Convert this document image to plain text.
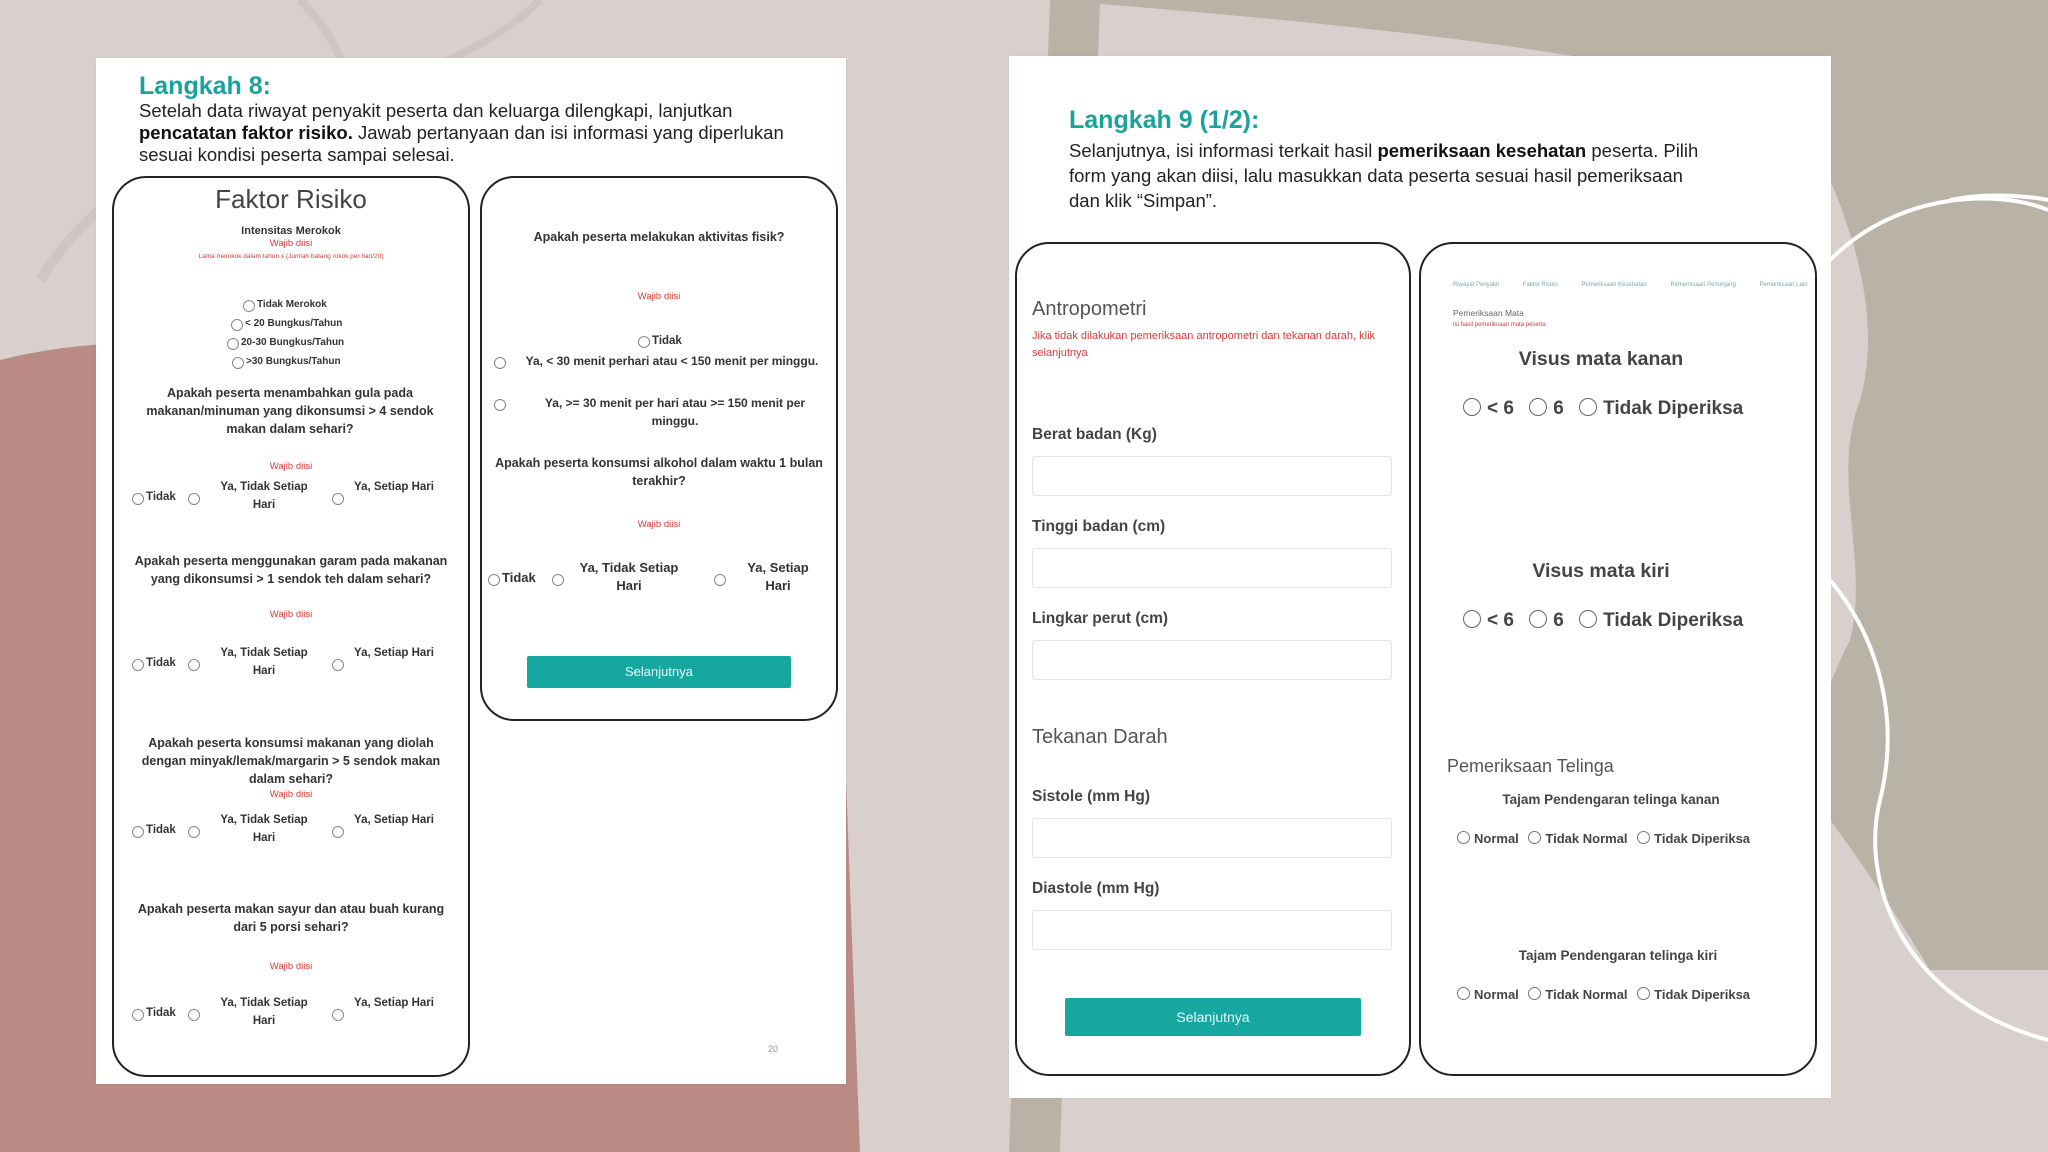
Langkah 8:
Setelah data riwayat penyakit peserta dan keluarga dilengkapi, lanjutkan
pencatatan faktor risiko. Jawab pertanyaan dan isi informasi yang diperlukan
sesuai kondisi peserta sampai selesai.
Faktor Risiko
Intensitas Merokok
Wajib diisi
Lama merokok dalam tahun x (Jumlah batang rokok per hari/20)
Tidak Merokok
< 20 Bungkus/Tahun
20-30 Bungkus/Tahun
>30 Bungkus/Tahun
Apakah peserta menambahkan gula pada makanan/minuman yang dikonsumsi > 4 sendok makan dalam sehari?
Wajib diisi
Tidak
Ya, Tidak Setiap Hari
Ya, Setiap Hari
Apakah peserta menggunakan garam pada makanan yang dikonsumsi > 1 sendok teh dalam sehari?
Wajib diisi
Tidak
Ya, Tidak Setiap Hari
Ya, Setiap Hari
Apakah peserta konsumsi makanan yang diolah dengan minyak/lemak/margarin > 5 sendok makan dalam sehari?
Wajib diisi
Tidak
Ya, Tidak Setiap Hari
Ya, Setiap Hari
Apakah peserta makan sayur dan atau buah kurang dari 5 porsi sehari?
Wajib diisi
Tidak
Ya, Tidak Setiap Hari
Ya, Setiap Hari
Apakah peserta melakukan aktivitas fisik?
Wajib diisi
Tidak
Ya, < 30 menit perhari atau < 150 menit per minggu.
Ya, >= 30 menit per hari atau >= 150 menit per minggu.
Apakah peserta konsumsi alkohol dalam waktu 1 bulan terakhir?
Wajib diisi
Tidak
Ya, Tidak Setiap Hari
Ya, Setiap Hari
Selanjutnya
20
Langkah 9 (1/2):
Selanjutnya, isi informasi terkait hasil pemeriksaan kesehatan peserta. Pilih
form yang akan diisi, lalu masukkan data peserta sesuai hasil pemeriksaan
dan klik “Simpan”.
Antropometri
Jika tidak dilakukan pemeriksaan antropometri dan tekanan darah, klik selanjutnya
Berat badan (Kg)
Tinggi badan (cm)
Lingkar perut (cm)
Tekanan Darah
Sistole (mm Hg)
Diastole (mm Hg)
Selanjutnya
Riwayat Penyakit	Faktor Risiko	Pemeriksaan Kesehatan	Pemeriksaan Penunjang	Pemeriksaan Lain
Pemeriksaan Mata
Isi hasil pemeriksaan mata peserta
Visus mata kanan
< 6 6 Tidak Diperiksa
Visus mata kiri
< 6 6 Tidak Diperiksa
Pemeriksaan Telinga
Tajam Pendengaran telinga kanan
Normal Tidak Normal Tidak Diperiksa
Tajam Pendengaran telinga kiri
Normal Tidak Normal Tidak Diperiksa
